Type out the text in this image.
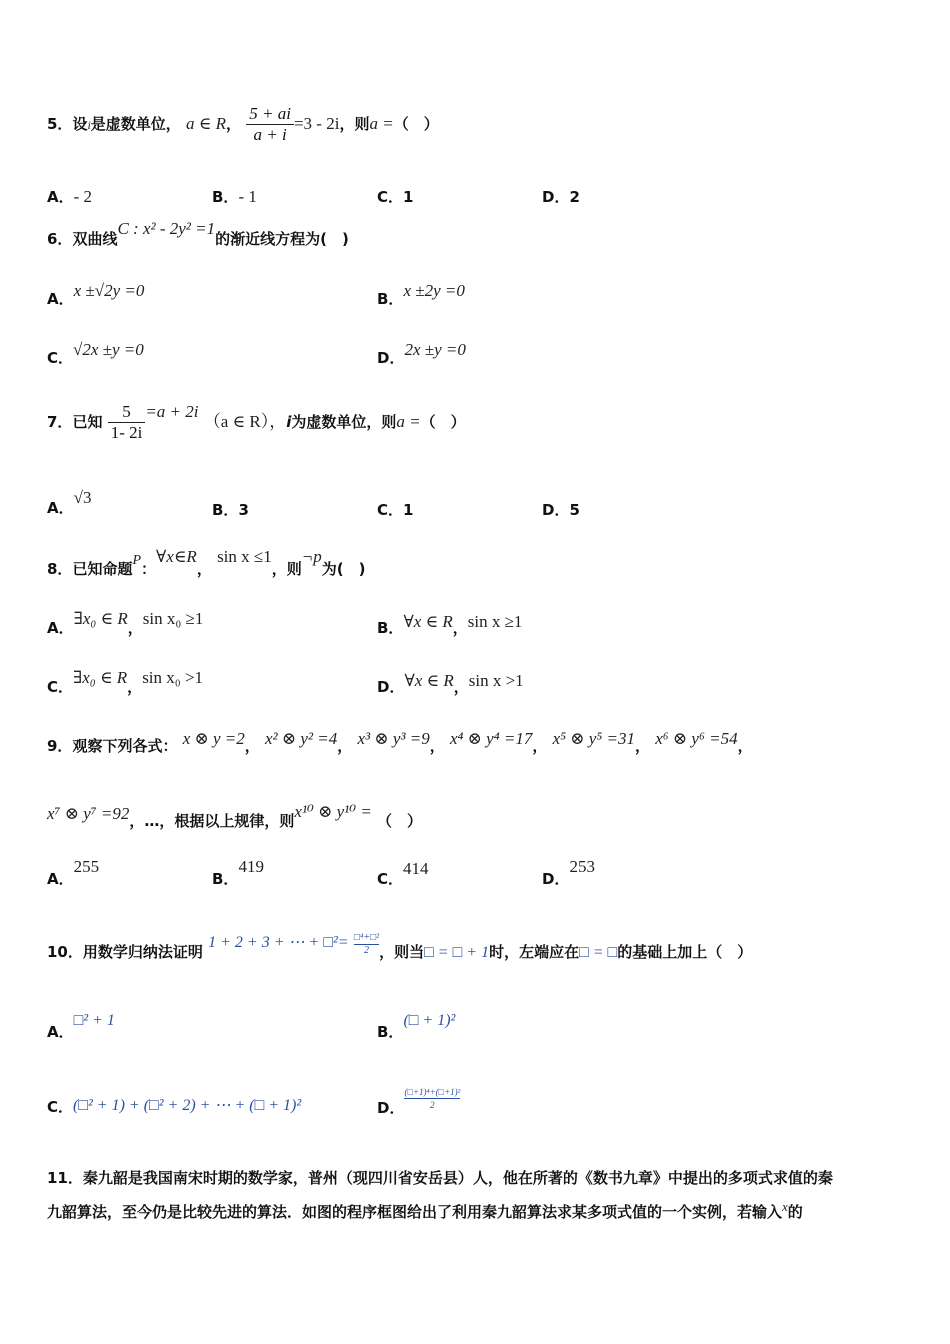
5．设i是虚数单位， a ∈ R， $\frac{5 + ai}{a + i} =3 - 2i$，则a =（　）
A．- 2	B．- 1	C．1	D．2
6．双曲线C : x² - 2y² =1的渐近线方程为(　)
A．x ±√2y =0	B．x ±2y =0
C．√2x ±y =0	D．2x ±y =0
7．已知 $\frac{5}{1- 2i} =a + 2i$ （a ∈ R），i为虚数单位，则a =（　）
A．√3
B．3	C．1	D．5
8．已知命题P：∀x∈R， sin x ≤1，则¬p为(　)
A．∃x₀ ∈ R，sin x₀ ≥1	B．∀x ∈ R，sin x ≥1
C．∃x₀ ∈ R，sin x₀ >1	D．∀x ∈ R，sin x >1
9．观察下列各式： x ⊗ y =2， x² ⊗ y² =4， x³ ⊗ y³ =9， x⁴ ⊗ y⁴ =17， x⁵ ⊗ y⁵ =31， x⁶ ⊗ y⁶ =54，
x⁷ ⊗ y⁷ =92，…，根据以上规律，则x¹⁰ ⊗ y¹⁰ = （　）
A．255
B．419
C．414
D．253
10．用数学归纳法证明 1 + 2 + 3 + ⋯ + □²= $\frac{\text{□⁴+□²}}{2}$ ，则当□ = □ + 1时，左端应在□ = □的基础上加上（　）
A．□² + 1
B．(□ + 1)²
C．(□² + 1) + (□² + 2) + ⋯ + (□ + 1)²	D． $\frac{\text{(□+1)⁴+(□+1)²}}{2}$
11．秦九韶是我国南宋时期的数学家，普州（现四川省安岳县）人，他在所著的《数书九章》中提出的多项式求值的秦
九韶算法，至今仍是比较先进的算法．如图的程序框图给出了利用秦九韶算法求某多项式值的一个实例，若输入x的
